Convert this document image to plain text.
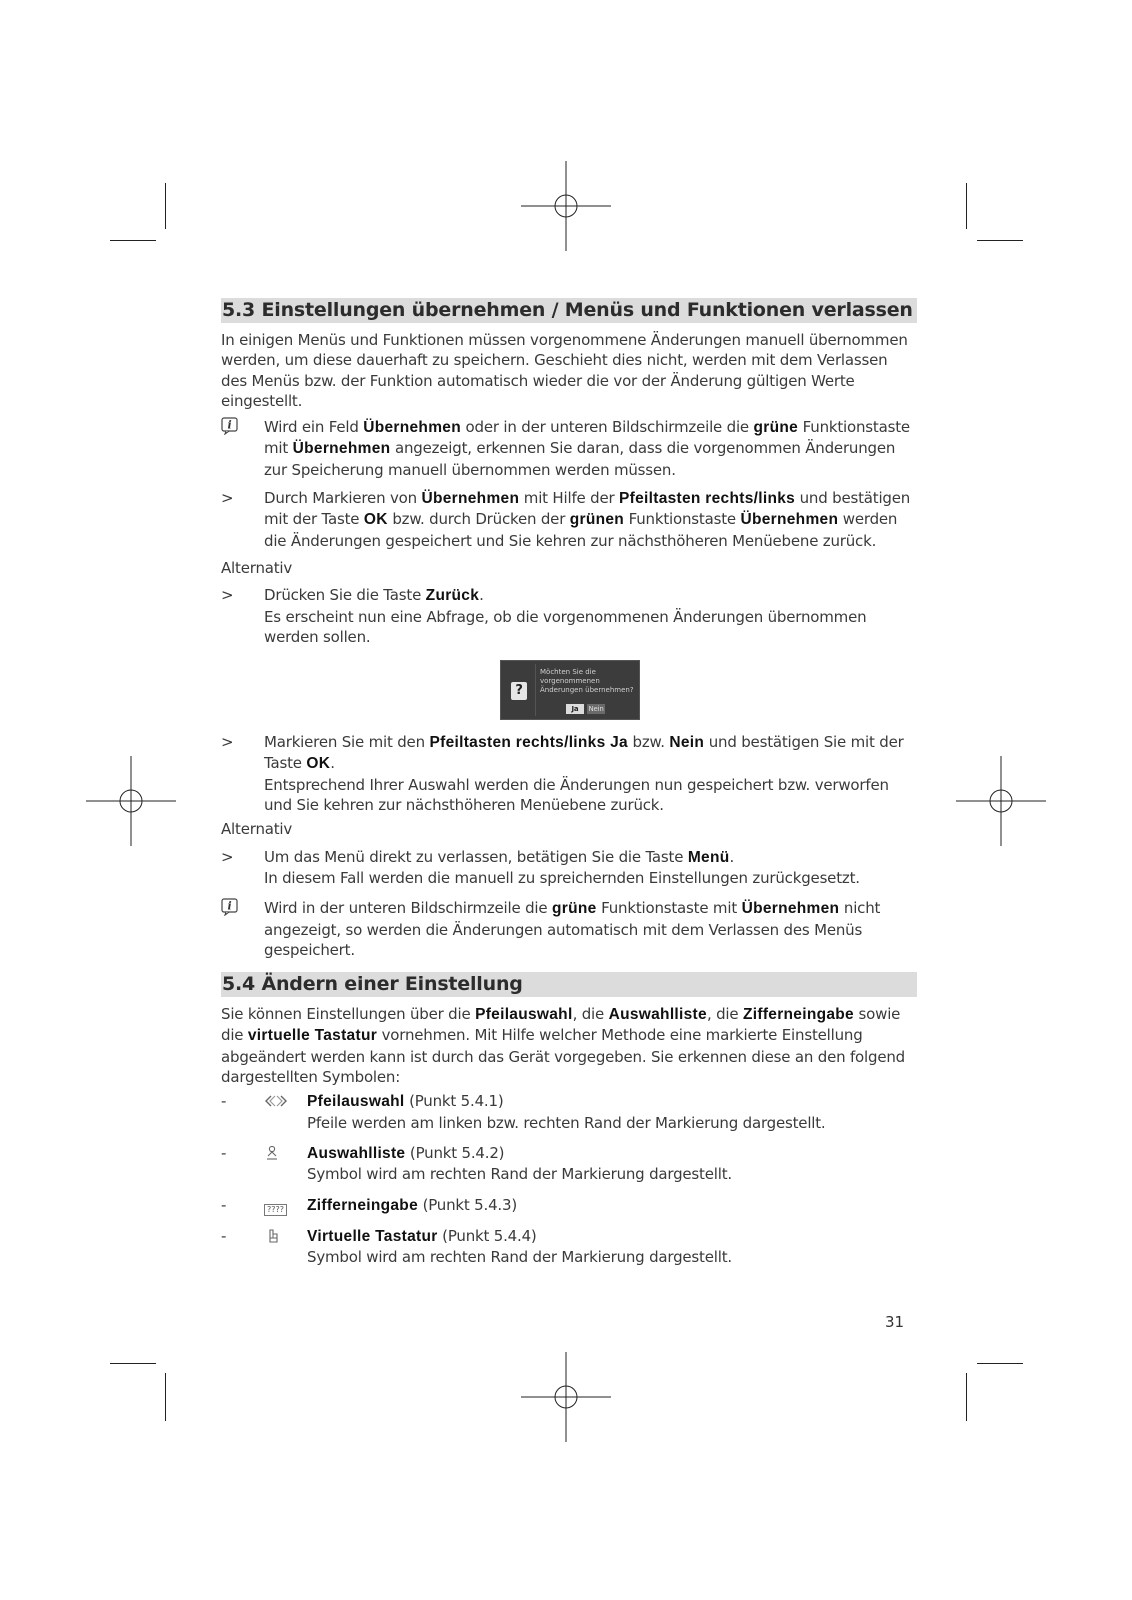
5.3 Einstellungen übernehmen / Menüs und Funktionen verlassen

In einigen Menüs und Funktionen müssen vorgenommene Änderungen manuell übernommen werden, um diese dauerhaft zu speichern. Geschieht dies nicht, werden mit dem Verlassen des Menüs bzw. der Funktion automatisch wieder die vor der Änderung gültigen Werte eingestellt.

i Wird ein Feld Übernehmen oder in der unteren Bildschirmzeile die grüne Funktionstaste mit Übernehmen angezeigt, erkennen Sie daran, dass die vorgenommen Änderungen zur Speicherung manuell übernommen werden müssen.
>	Durch Markieren von Übernehmen mit Hilfe der Pfeiltasten rechts/links und bestätigen mit der Taste OK bzw. durch Drücken der grünen Funktionstaste Übernehmen werden die Änderungen gespeichert und Sie kehren zur nächsthöheren Menüebene zurück.

Alternativ

>	Drücken Sie die Taste Zurück.
Es erscheint nun eine Abfrage, ob die vorgenommenen Änderungen übernommen werden sollen.
?
Möchten Sie die
vorgenommenen
Änderungen übernehmen?
Ja	Nein
>	Markieren Sie mit den Pfeiltasten rechts/links Ja bzw. Nein und bestätigen Sie mit der Taste OK.
Entsprechend Ihrer Auswahl werden die Änderungen nun gespeichert bzw. verworfen und Sie kehren zur nächsthöheren Menüebene zurück.

Alternativ

>	Um das Menü direkt zu verlassen, betätigen Sie die Taste Menü.
In diesem Fall werden die manuell zu spreichernden Einstellungen zurückgesetzt.
i Wird in der unteren Bildschirmzeile die grüne Funktionstaste mit Übernehmen nicht angezeigt, so werden die Änderungen automatisch mit dem Verlassen des Menüs gespeichert.
5.4 Ändern einer Einstellung

Sie können Einstellungen über die Pfeilauswahl, die Auswahlliste, die Zifferneingabe sowie die virtuelle Tastatur vornehmen. Mit Hilfe welcher Methode eine markierte Einstellung abgeändert werden kann ist durch das Gerät vorgegeben. Sie erkennen diese an den folgend dargestellten Symbolen:

-	Pfeilauswahl (Punkt 5.4.1)
Pfeile werden am linken bzw. rechten Rand der Markierung dargestellt.
-	Auswahlliste (Punkt 5.4.2)
Symbol wird am rechten Rand der Markierung dargestellt.
-	????	Zifferneingabe (Punkt 5.4.3)
-	Virtuelle Tastatur (Punkt 5.4.4)
Symbol wird am rechten Rand der Markierung dargestellt.
31
